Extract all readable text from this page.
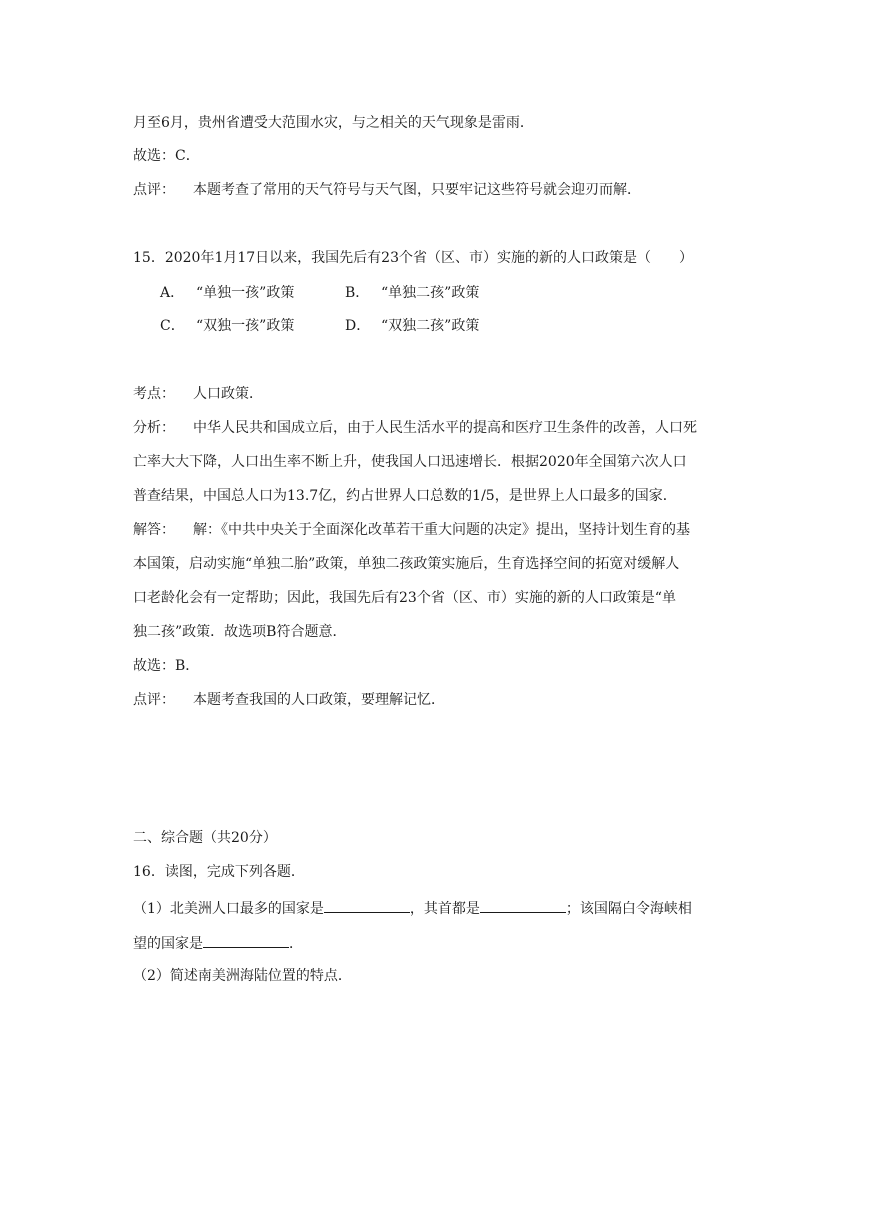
月至6月，贵州省遭受大范围水灾，与之相关的天气现象是雷雨．
故选：C．
点评： 本题考查了常用的天气符号与天气图，只要牢记这些符号就会迎刃而解．
15．2020年1月17日以来，我国先后有23个省（区、市）实施的新的人口政策是（　　）
A． “单独一孩”政策	B． “单独二孩”政策
C． “双独一孩”政策	D． “双独二孩”政策
考点： 人口政策．
分析： 中华人民共和国成立后，由于人民生活水平的提高和医疗卫生条件的改善，人口死
亡率大大下降，人口出生率不断上升，使我国人口迅速增长．根据2020年全国第六次人口
普查结果，中国总人口为13.7亿，约占世界人口总数的1/5，是世界上人口最多的国家．
解答： 解：《中共中央关于全面深化改革若干重大问题的决定》提出，坚持计划生育的基
本国策，启动实施“单独二胎”政策，单独二孩政策实施后，生育选择空间的拓宽对缓解人
口老龄化会有一定帮助；因此，我国先后有23个省（区、市）实施的新的人口政策是“单
独二孩”政策．故选项B符合题意．
故选：B．
点评： 本题考查我国的人口政策，要理解记忆．
二、综合题（共20分）
16．读图，完成下列各题．
（1）北美洲人口最多的国家是	，其首都是	；该国隔白令海峡相
望的国家是	．
（2）简述南美洲海陆位置的特点．
